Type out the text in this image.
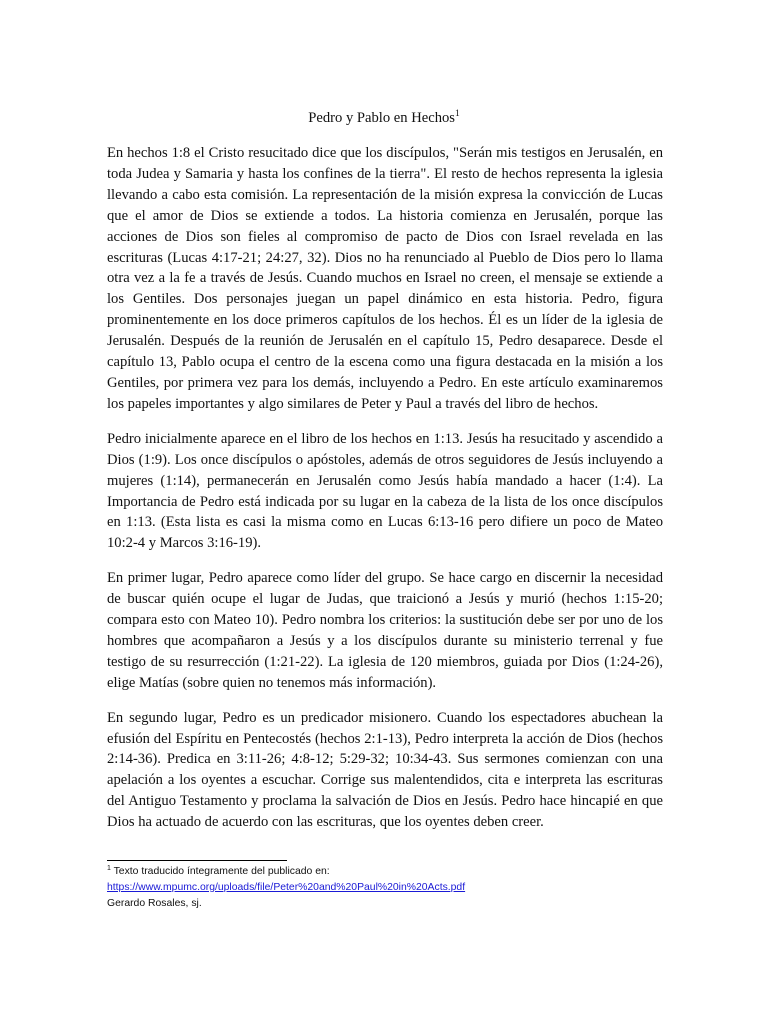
Pedro y Pablo en Hechos$^1$

En hechos 1:8 el Cristo resucitado dice que los discípulos, "Serán mis testigos en Jerusalén, en toda Judea y Samaria y hasta los confines de la tierra". El resto de hechos representa la iglesia llevando a cabo esta comisión. La representación de la misión expresa la convicción de Lucas que el amor de Dios se extiende a todos. La historia comienza en Jerusalén, porque las acciones de Dios son fieles al compromiso de pacto de Dios con Israel revelada en las escrituras (Lucas 4:17-21; 24:27, 32). Dios no ha renunciado al Pueblo de Dios pero lo llama otra vez a la fe a través de Jesús. Cuando muchos en Israel no creen, el mensaje se extiende a los Gentiles. Dos personajes juegan un papel dinámico en esta historia. Pedro, figura prominentemente en los doce primeros capítulos de los hechos. Él es un líder de la iglesia de Jerusalén. Después de la reunión de Jerusalén en el capítulo 15, Pedro desaparece. Desde el capítulo 13, Pablo ocupa el centro de la escena como una figura destacada en la misión a los Gentiles, por primera vez para los demás, incluyendo a Pedro. En este artículo examinaremos los papeles importantes y algo similares de Peter y Paul a través del libro de hechos.

Pedro inicialmente aparece en el libro de los hechos en 1:13. Jesús ha resucitado y ascendido a Dios (1:9). Los once discípulos o apóstoles, además de otros seguidores de Jesús incluyendo a mujeres (1:14), permanecerán en Jerusalén como Jesús había mandado a hacer (1:4). La Importancia de Pedro está indicada por su lugar en la cabeza de la lista de los once discípulos en 1:13. (Esta lista es casi la misma como en Lucas 6:13-16 pero difiere un poco de Mateo 10:2-4 y Marcos 3:16-19).

En primer lugar, Pedro aparece como líder del grupo. Se hace cargo en discernir la necesidad de buscar quién ocupe el lugar de Judas, que traicionó a Jesús y murió (hechos 1:15-20; compara esto con Mateo 10). Pedro nombra los criterios: la sustitución debe ser por uno de los hombres que acompañaron a Jesús y a los discípulos durante su ministerio terrenal y fue testigo de su resurrección (1:21-22). La iglesia de 120 miembros, guiada por Dios (1:24-26), elige Matías (sobre quien no tenemos más información).

En segundo lugar, Pedro es un predicador misionero. Cuando los espectadores abuchean la efusión del Espíritu en Pentecostés (hechos 2:1-13), Pedro interpreta la acción de Dios (hechos 2:14-36). Predica en 3:11-26; 4:8-12; 5:29-32; 10:34-43. Sus sermones comienzan con una apelación a los oyentes a escuchar. Corrige sus malentendidos, cita e interpreta las escrituras del Antiguo Testamento y proclama la salvación de Dios en Jesús. Pedro hace hincapié en que Dios ha actuado de acuerdo con las escrituras, que los oyentes deben creer.

$^1$ Texto traducido íntegramente del publicado en:
https://www.mpumc.org/uploads/file/Peter%20and%20Paul%20in%20Acts.pdf
Gerardo Rosales, sj.
